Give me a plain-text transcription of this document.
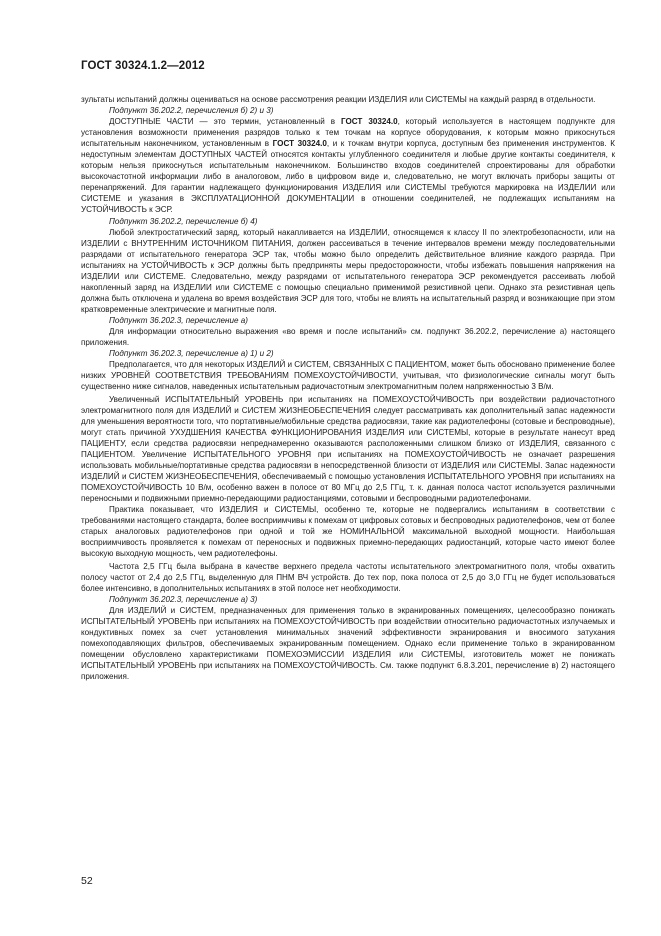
ГОСТ 30324.1.2—2012

зультаты испытаний должны оцениваться на основе рассмотрения реакции ИЗДЕЛИЯ или СИСТЕМЫ на каждый разряд в отдельности.

Подпункт 36.202.2, перечисления б) 2) и 3)

ДОСТУПНЫЕ ЧАСТИ — это термин, установленный в ГОСТ 30324.0, который используется в настоящем подпункте для установления возможности применения разрядов только к тем точкам на корпусе оборудования, к которым можно прикоснуться испытательным наконечником, установленным в ГОСТ 30324.0, и к точкам внутри корпуса, доступным без применения инструментов. К недоступным элементам ДОСТУПНЫХ ЧАСТЕЙ относятся контакты углубленного соединителя и любые другие контакты соединителя, к которым нельзя прикоснуться испытательным наконечником. Большинство входов соединителей спроектированы для обработки высокочастотной информации либо в аналоговом, либо в цифровом виде и, следовательно, не могут включать приборы защиты от перенапряжений. Для гарантии надлежащего функционирования ИЗДЕЛИЯ или СИСТЕМЫ требуются маркировка на ИЗДЕЛИИ или СИСТЕМЕ и указания в ЭКСПЛУАТАЦИОННОЙ ДОКУМЕНТАЦИИ в отношении соединителей, не подлежащих испытаниям на УСТОЙЧИВОСТЬ к ЭСР.

Подпункт 36.202.2, перечисление б) 4)

Любой электростатический заряд, который накапливается на ИЗДЕЛИИ, относящемся к классу II по электробезопасности, или на ИЗДЕЛИИ с ВНУТРЕННИМ ИСТОЧНИКОМ ПИТАНИЯ, должен рассеиваться в течение интервалов времени между последовательными разрядами от испытательного генератора ЭСР так, чтобы можно было определить действительное влияние каждого разряда. При испытаниях на УСТОЙЧИВОСТЬ к ЭСР должны быть предприняты меры предосторожности, чтобы избежать повышения напряжения на ИЗДЕЛИИ или СИСТЕМЕ. Следовательно, между разрядами от испытательного генератора ЭСР рекомендуется рассеивать любой накопленный заряд на ИЗДЕЛИИ или СИСТЕМЕ с помощью специально применимой резистивной цепи. Однако эта резистивная цепь должна быть отключена и удалена во время воздействия ЭСР для того, чтобы не влиять на испытательный разряд и возникающие при этом кратковременные электрические и магнитные поля.

Подпункт 36.202.3, перечисление а)

Для информации относительно выражения «во время и после испытаний» см. подпункт 36.202.2, перечисление а) настоящего приложения.

Подпункт 36.202.3, перечисление а) 1) и 2)

Предполагается, что для некоторых ИЗДЕЛИЙ и СИСТЕМ, СВЯЗАННЫХ С ПАЦИЕНТОМ, может быть обосновано применение более низких УРОВНЕЙ СООТВЕТСТВИЯ ТРЕБОВАНИЯМ ПОМЕХОУСТОЙЧИВОСТИ, учитывая, что физиологические сигналы могут быть существенно ниже сигналов, наведенных испытательным радиочастотным электромагнитным полем напряженностью 3 В/м.

Увеличенный ИСПЫТАТЕЛЬНЫЙ УРОВЕНЬ при испытаниях на ПОМЕХОУСТОЙЧИВОСТЬ при воздействии радиочастотного электромагнитного поля для ИЗДЕЛИЙ и СИСТЕМ ЖИЗНЕОБЕСПЕЧЕНИЯ следует рассматривать как дополнительный запас надежности для уменьшения вероятности того, что портативные/мобильные средства радиосвязи, такие как радиотелефоны (сотовые и беспроводные), могут стать причиной УХУДШЕНИЯ КАЧЕСТВА ФУНКЦИОНИРОВАНИЯ ИЗДЕЛИЯ или СИСТЕМЫ, которые в результате нанесут вред ПАЦИЕНТУ, если средства радиосвязи непреднамеренно оказываются расположенными слишком близко от ИЗДЕЛИЯ, связанного с ПАЦИЕНТОМ. Увеличение ИСПЫТАТЕЛЬНОГО УРОВНЯ при испытаниях на ПОМЕХОУСТОЙЧИВОСТЬ не означает разрешения использовать мобильные/портативные средства радиосвязи в непосредственной близости от ИЗДЕЛИЯ или СИСТЕМЫ. Запас надежности ИЗДЕЛИЙ и СИСТЕМ ЖИЗНЕОБЕСПЕЧЕНИЯ, обеспечиваемый с помощью установления ИСПЫТАТЕЛЬНОГО УРОВНЯ при испытаниях на ПОМЕХОУСТОЙЧИВОСТЬ 10 В/м, особенно важен в полосе от 80 МГц до 2,5 ГГц, т. к. данная полоса частот используется различными переносными и подвижными приемно-передающими радиостанциями, сотовыми и беспроводными радиотелефонами.

Практика показывает, что ИЗДЕЛИЯ и СИСТЕМЫ, особенно те, которые не подвергались испытаниям в соответствии с требованиями настоящего стандарта, более восприимчивы к помехам от цифровых сотовых и беспроводных радиотелефонов, чем от более старых аналоговых радиотелефонов при одной и той же НОМИНАЛЬНОЙ максимальной выходной мощности. Наибольшая восприимчивость проявляется к помехам от переносных и подвижных приемно-передающих радиостанций, которые часто имеют более высокую выходную мощность, чем радиотелефоны.

Частота 2,5 ГГц была выбрана в качестве верхнего предела частоты испытательного электромагнитного поля, чтобы охватить полосу частот от 2,4 до 2,5 ГГц, выделенную для ПНМ ВЧ устройств. До тех пор, пока полоса от 2,5 до 3,0 ГГц не будет использоваться более интенсивно, в дополнительных испытаниях в этой полосе нет необходимости.

Подпункт 36.202.3, перечисление а) 3)

Для ИЗДЕЛИЙ и СИСТЕМ, предназначенных для применения только в экранированных помещениях, целесообразно понижать ИСПЫТАТЕЛЬНЫЙ УРОВЕНЬ при испытаниях на ПОМЕХОУСТОЙЧИВОСТЬ при воздействии относительно радиочастотных излучаемых и кондуктивных помех за счет установления минимальных значений эффективности экранирования и вносимого затухания помехоподавляющих фильтров, обеспечиваемых экранированным помещением. Однако если применение только в экранированном помещении обусловлено характеристиками ПОМЕХОЭМИССИИ ИЗДЕЛИЯ или СИСТЕМЫ, изготовитель может не понижать ИСПЫТАТЕЛЬНЫЙ УРОВЕНЬ при испытаниях на ПОМЕХОУСТОЙЧИВОСТЬ. См. также подпункт 6.8.3.201, перечисление в) 2) настоящего приложения.

52
